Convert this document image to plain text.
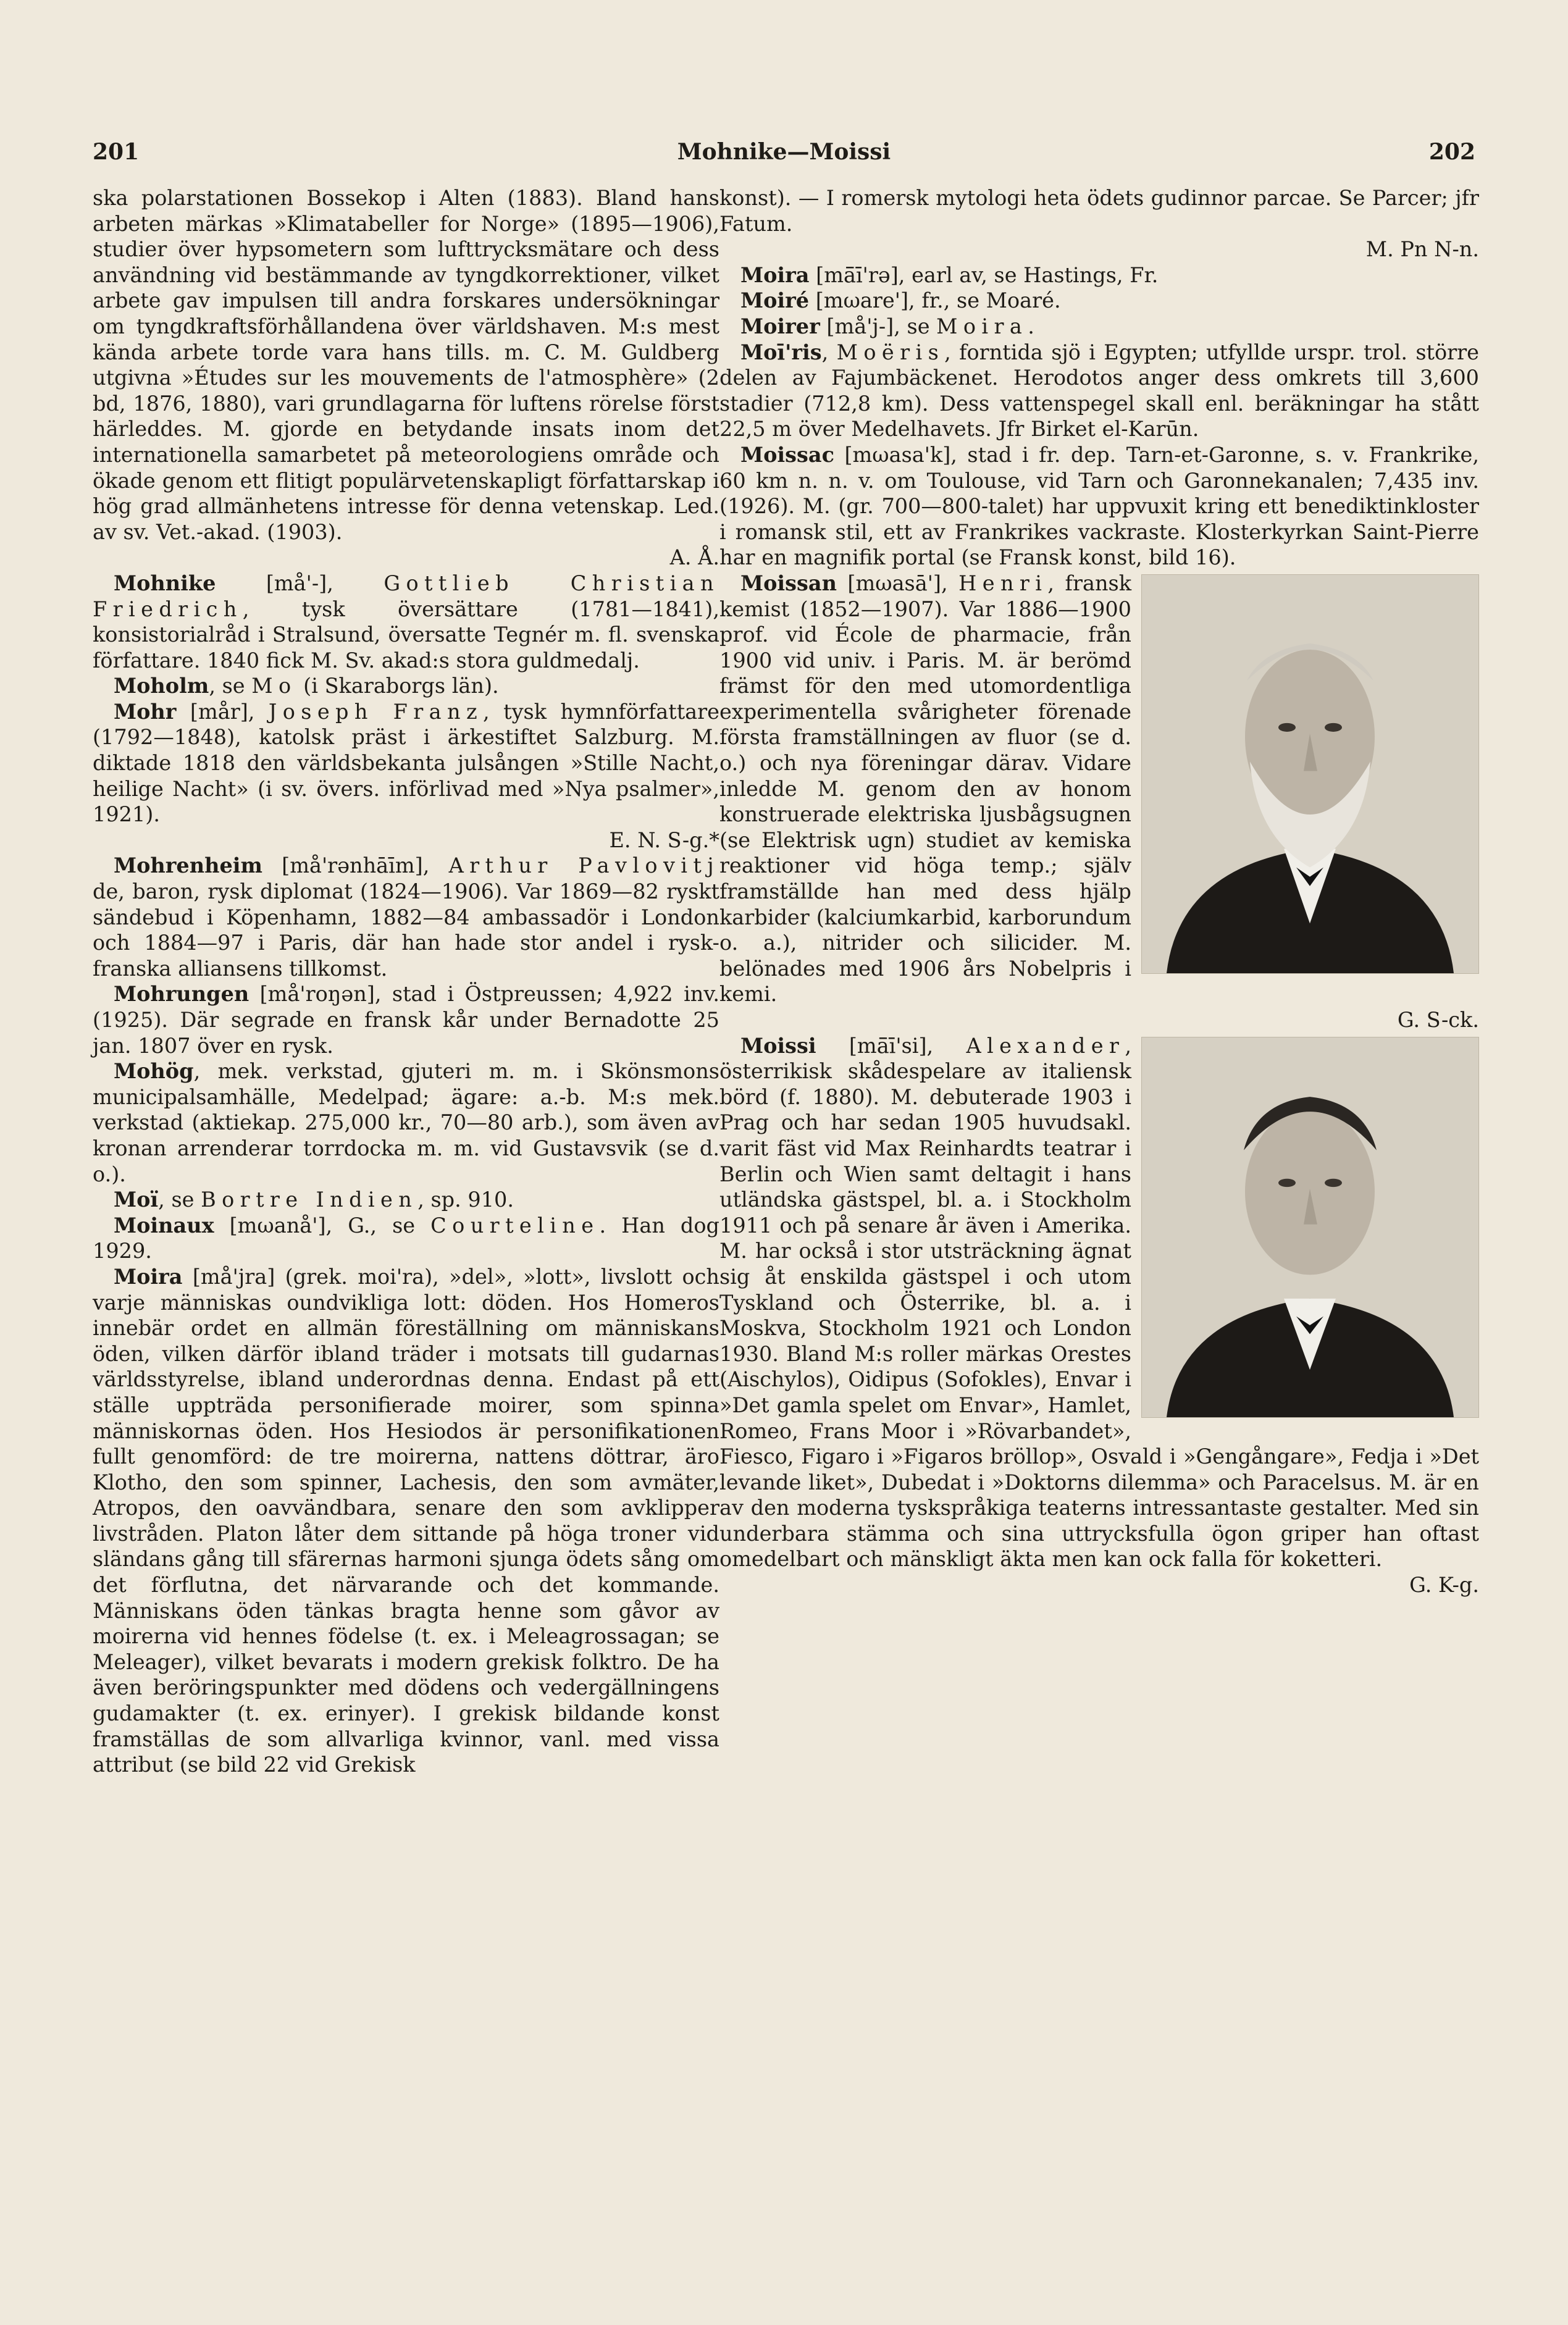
201	Mohnike—Moissi	202

ska polarstationen Bossekop i Alten (1883). Bland hans arbeten märkas »Klimatabeller for Norge» (1895—1906), studier över hypsometern som lufttrycksmätare och dess användning vid bestämmande av tyngdkorrektioner, vilket arbete gav impulsen till andra forskares undersökningar om tyngdkraftsförhållandena över världshaven. M:s mest kända arbete torde vara hans tills. m. C. M. Guldberg utgivna »Études sur les mouvements de l'atmosphère» (2 bd, 1876, 1880), vari grundlagarna för luftens rörelse först härleddes. M. gjorde en betydande insats inom det internationella samarbetet på meteorologiens område och ökade genom ett flitigt populärvetenskapligt författarskap i hög grad allmänhetens intresse för denna vetenskap. Led. av sv. Vet.-akad. (1903).
A. Å.

Mohnike [må'-], Gottlieb Christian Friedrich, tysk översättare (1781—1841), konsistorialråd i Stralsund, översatte Tegnér m. fl. svenska författare. 1840 fick M. Sv. akad:s stora guldmedalj.

Moholm, se Mo (i Skaraborgs län).

Mohr [mår], Joseph Franz, tysk hymnförfattare (1792—1848), katolsk präst i ärkestiftet Salzburg. M. diktade 1818 den världsbekanta julsången »Stille Nacht, heilige Nacht» (i sv. övers. införlivad med »Nya psalmer», 1921).
E. N. S-g.*

Mohrenheim [må'rənhāīm], Arthur Pavlovitj de, baron, rysk diplomat (1824—1906). Var 1869—82 ryskt sändebud i Köpenhamn, 1882—84 ambassadör i London och 1884—97 i Paris, där han hade stor andel i rysk-franska alliansens tillkomst.

Mohrungen [må'roŋən], stad i Östpreussen; 4,922 inv. (1925). Där segrade en fransk kår under Bernadotte 25 jan. 1807 över en rysk.

Mohög, mek. verkstad, gjuteri m. m. i Skönsmons municipalsamhälle, Medelpad; ägare: a.-b. M:s mek. verkstad (aktiekap. 275,000 kr., 70—80 arb.), som även av kronan arrenderar torrdocka m. m. vid Gustavsvik (se d. o.).

Moï, se Bortre Indien, sp. 910.

Moinaux [mωanå'], G., se Courteline. Han dog 1929.

Moira [må'jra] (grek. moi'ra), »del», »lott», livslott och varje människas oundvikliga lott: döden. Hos Homeros innebär ordet en allmän föreställning om människans öden, vilken därför ibland träder i motsats till gudarnas världsstyrelse, ibland underordnas denna. Endast på ett ställe uppträda personifierade moirer, som spinna människornas öden. Hos Hesiodos är personifikationen fullt genomförd: de tre moirerna, nattens döttrar, äro Klotho, den som spinner, Lachesis, den som avmäter, Atropos, den oavvändbara, senare den som avklipper livstråden. Platon låter dem sittande på höga troner vid sländans gång till sfärernas harmoni sjunga ödets sång om det förflutna, det närvarande och det kommande. Människans öden tänkas bragta henne som gåvor av moirerna vid hennes födelse (t. ex. i Meleagrossagan; se Meleager), vilket bevarats i modern grekisk folktro. De ha även beröringspunkter med dödens och vedergällningens gudamakter (t. ex. erinyer). I grekisk bildande konst framställas de som allvarliga kvinnor, vanl. med vissa attribut (se bild 22 vid Grekisk

konst). — I romersk mytologi heta ödets gudinnor parcae. Se Parcer; jfr Fatum.
M. Pn N-n.

Moira [mā̄ī'rə], earl av, se Hastings, Fr.

Moiré [mωare'], fr., se Moaré.

Moirer [må'j-], se Moira.

Moī'ris, Moëris, forntida sjö i Egypten; utfyllde urspr. trol. större delen av Fajumbäckenet. Herodotos anger dess omkrets till 3,600 stadier (712,8 km). Dess vattenspegel skall enl. beräkningar ha stått 22,5 m över Medelhavets. Jfr Birket el-Karūn.

Moissac [mωasa'k], stad i fr. dep. Tarn-et-Garonne, s. v. Frankrike, 60 km n. n. v. om Toulouse, vid Tarn och Garonnekanalen; 7,435 inv. (1926). M. (gr. 700—800-talet) har uppvuxit kring ett benediktinkloster i romansk stil, ett av Frankrikes vackraste. Klosterkyrkan Saint-Pierre har en magnifik portal (se Fransk konst, bild 16).

Moissan [mωasā'], Henri
, fransk kemist (1852—1907). Var 1886—1900 prof. vid École de pharmacie, från 1900 vid univ. i Paris. M. är berömd främst för den med utomordentliga experimentella svårigheter förenade första framställningen av fluor (se d. o.) och nya föreningar därav. Vidare inledde M. genom den av honom konstruerade elektriska ljusbågsugnen (se Elektrisk ugn) studiet av kemiska reaktioner vid höga temp.; själv framställde han med dess hjälp karbider (kalciumkarbid, karborundum o. a.), nitrider och silicider. M. belönades med 1906 års Nobelpris i kemi.
G. S-ck.

Moissi [mā̄ī'si], Alexander
, österrikisk skådespelare av italiensk börd (f. 1880). M. debuterade 1903 i Prag och har sedan 1905 huvudsakl. varit fäst vid Max Reinhardts teatrar i Berlin och Wien samt deltagit i hans utländska gästspel, bl. a. i Stockholm 1911 och på senare år även i Amerika. M. har också i stor utsträckning ägnat sig åt enskilda gästspel i och utom Tyskland och Österrike, bl. a. i Moskva, Stockholm 1921 och London 1930. Bland M:s roller märkas Orestes (Aischylos), Oidipus (Sofokles), Envar i »Det gamla spelet om Envar», Hamlet, Romeo, Frans Moor i »Rövarbandet», Fiesco, Figaro i »Figaros bröllop», Osvald i »Gengångare», Fedja i »Det levande liket», Dubedat i »Doktorns dilemma» och Paracelsus. M. är en av den moderna tyskspråkiga teaterns intressantaste gestalter. Med sin underbara stämma och sina uttrycksfulla ögon griper han oftast omedelbart och mänskligt äkta men kan ock falla för koketteri.
G. K-g.
